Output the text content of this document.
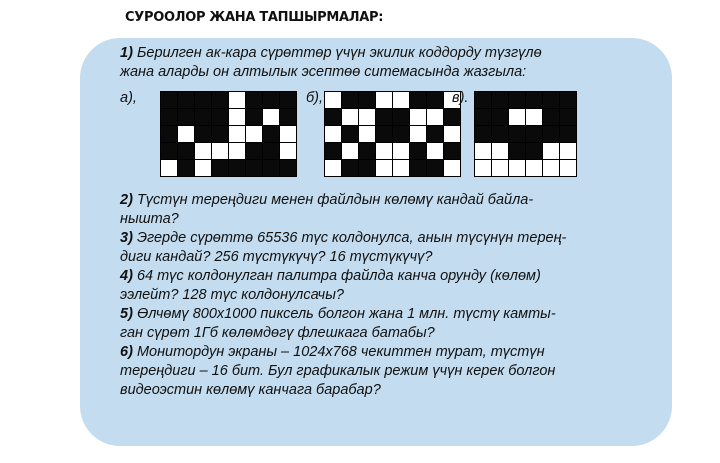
СУРООЛОР ЖАНА ТАПШЫРМАЛАР:
1) Берилген ак-кара сүрөттөр үчүн экилик коддорду түзгүлө
жана аларды он алтылык эсептөө ситемасында жазгыла:
а),	б),	в).

2) Түстүн тереңдиги менен файлдын көлөмү кандай байла-
нышта?

3) Эгерде сүрөттө 65536 түс колдонулса, анын түсүнүн терең-
диги кандай? 256 түстүкүчү? 16 түстүкүчү?

4) 64 түс колдонулган палитра файлда канча орунду (көлөм)
ээлейт? 128 түс колдонулсачы?

5) Өлчөмү 800х1000 пиксель болгон жана 1 млн. түстү камты-
ган сүрөт 1Гб көлөмдөгү флешкага батабы?

6) Монитордун экраны – 1024х768 чекиттен турат, түстүн
тереңдиги – 16 бит. Бул графикалык режим үчүн керек болгон
видеоэстин көлөмү канчага барабар?
